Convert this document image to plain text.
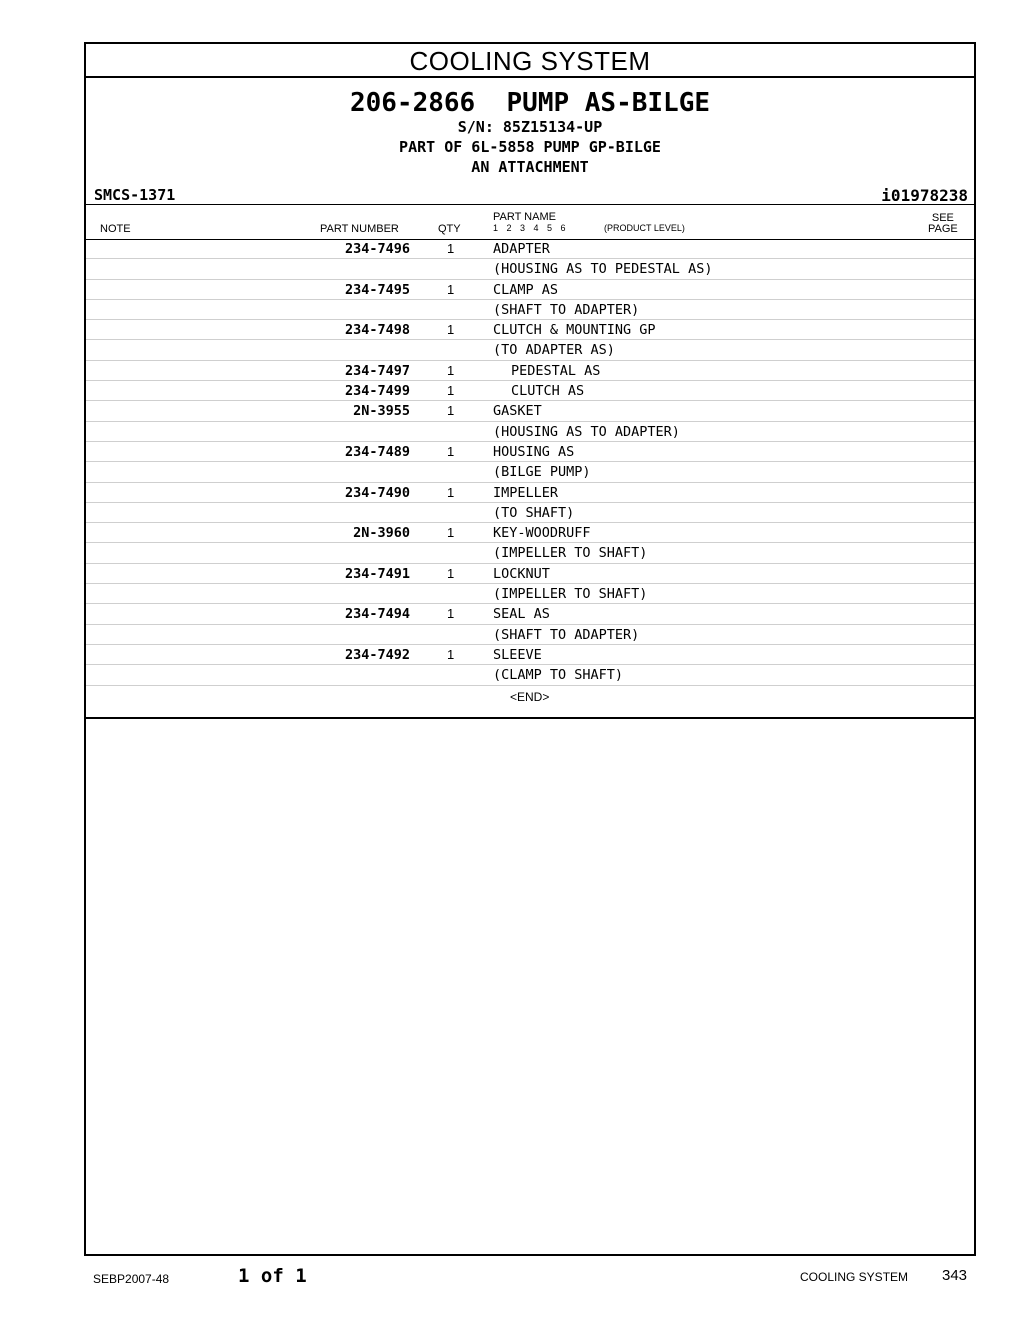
COOLING SYSTEM
206-2866 PUMP AS-BILGE
S/N: 85Z15134-UP
PART OF 6L-5858 PUMP GP-BILGE
AN ATTACHMENT
SMCS-1371	i01978238
NOTE	PART NUMBER	QTY
PART NAME
1 2 3 4 5 6	(PRODUCT LEVEL)
SEE
PAGE
234-7496	1	ADAPTER
(HOUSING AS TO PEDESTAL AS)
234-7495	1	CLAMP AS
(SHAFT TO ADAPTER)
234-7498	1	CLUTCH & MOUNTING GP
(TO ADAPTER AS)
234-7497	1	PEDESTAL AS
234-7499	1	CLUTCH AS
2N-3955	1	GASKET
(HOUSING AS TO ADAPTER)
234-7489	1	HOUSING AS
(BILGE PUMP)
234-7490	1	IMPELLER
(TO SHAFT)
2N-3960	1	KEY-WOODRUFF
(IMPELLER TO SHAFT)
234-7491	1	LOCKNUT
(IMPELLER TO SHAFT)
234-7494	1	SEAL AS
(SHAFT TO ADAPTER)
234-7492	1	SLEEVE
(CLAMP TO SHAFT)
<END>
SEBP2007-48	1 of 1	COOLING SYSTEM 343
